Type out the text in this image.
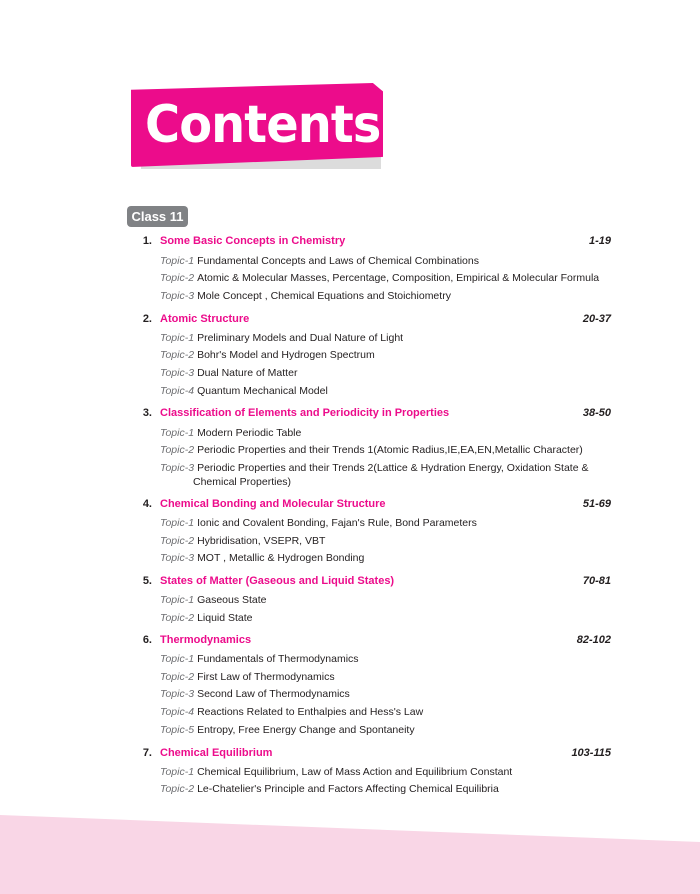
Contents
Class 11
1. Some Basic Concepts in Chemistry	1-19
Topic-1 Fundamental Concepts and Laws of Chemical Combinations
Topic-2 Atomic & Molecular Masses, Percentage, Composition, Empirical & Molecular Formula
Topic-3 Mole Concept , Chemical Equations and Stoichiometry
2. Atomic Structure	20-37
Topic-1 Preliminary Models and Dual Nature of Light
Topic-2 Bohr's Model and Hydrogen Spectrum
Topic-3 Dual Nature of Matter
Topic-4 Quantum Mechanical Model
3. Classification of Elements and Periodicity in Properties	38-50
Topic-1 Modern Periodic Table
Topic-2 Periodic Properties and their Trends 1(Atomic Radius,IE,EA,EN,Metallic Character)
Topic-3 Periodic Properties and their Trends 2(Lattice & Hydration Energy, Oxidation State &
Chemical Properties)
4. Chemical Bonding and Molecular Structure	51-69
Topic-1 Ionic and Covalent Bonding, Fajan's Rule, Bond Parameters
Topic-2 Hybridisation, VSEPR, VBT
Topic-3 MOT , Metallic & Hydrogen Bonding
5. States of Matter (Gaseous and Liquid States)	70-81
Topic-1 Gaseous State
Topic-2 Liquid State
6. Thermodynamics	82-102
Topic-1 Fundamentals of Thermodynamics
Topic-2 First Law of Thermodynamics
Topic-3 Second Law of Thermodynamics
Topic-4 Reactions Related to Enthalpies and Hess's Law
Topic-5 Entropy, Free Energy Change and Spontaneity
7. Chemical Equilibrium	103-115
Topic-1 Chemical Equilibrium, Law of Mass Action and Equilibrium Constant
Topic-2 Le-Chatelier's Principle and Factors Affecting Chemical Equilibria
